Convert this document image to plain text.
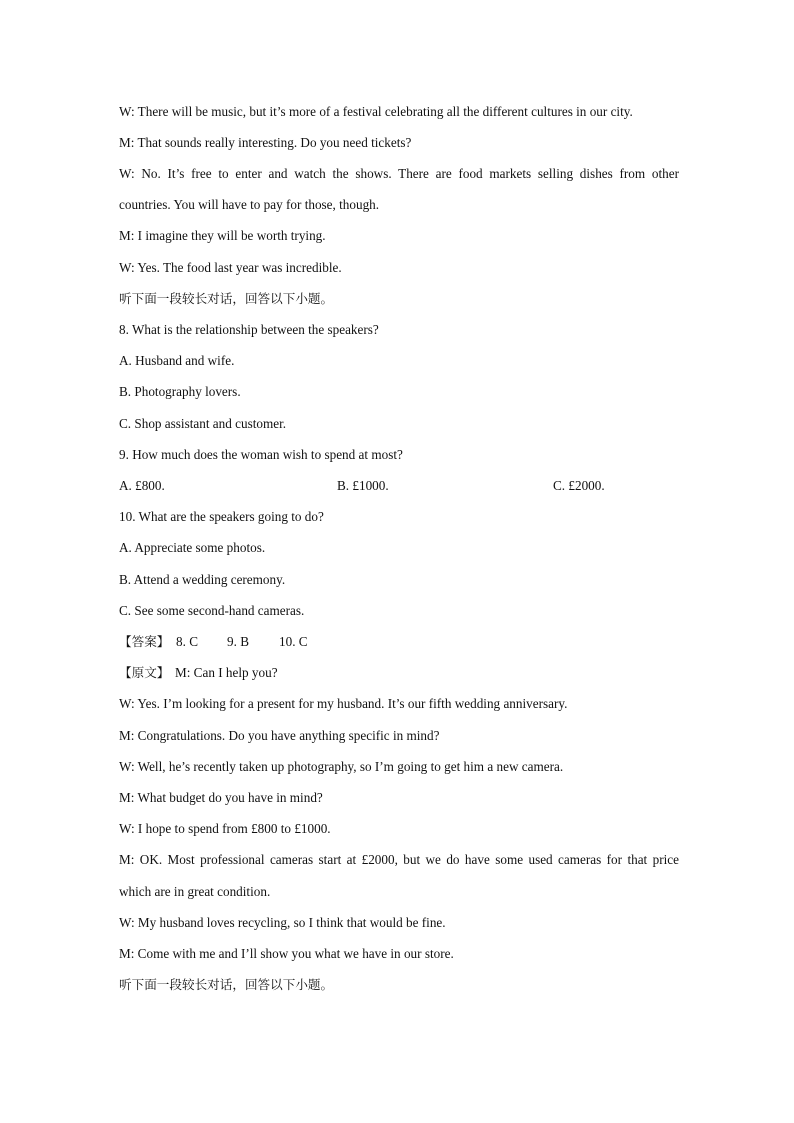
W: There will be music, but it’s more of a festival celebrating all the different cultures in our city.
M: That sounds really interesting. Do you need tickets?
W: No. It’s free to enter and watch the shows. There are food markets selling dishes from other
countries. You will have to pay for those, though.
M: I imagine they will be worth trying.
W: Yes. The food last year was incredible.
听下面一段较长对话，回答以下小题。
8. What is the relationship between the speakers?
A. Husband and wife.
B. Photography lovers.
C. Shop assistant and customer.
9. How much does the woman wish to spend at most?
A. £800.	B. £1000.	C. £2000.
10. What are the speakers going to do?
A. Appreciate some photos.
B. Attend a wedding ceremony.
C. See some second-hand cameras.
【答案】 8. C 9. B 10. C
【原文】 M: Can I help you?
W: Yes. I’m looking for a present for my husband. It’s our fifth wedding anniversary.
M: Congratulations. Do you have anything specific in mind?
W: Well, he’s recently taken up photography, so I’m going to get him a new camera.
M: What budget do you have in mind?
W: I hope to spend from £800 to £1000.
M: OK. Most professional cameras start at £2000, but we do have some used cameras for that price
which are in great condition.
W: My husband loves recycling, so I think that would be fine.
M: Come with me and I’ll show you what we have in our store.
听下面一段较长对话，回答以下小题。
